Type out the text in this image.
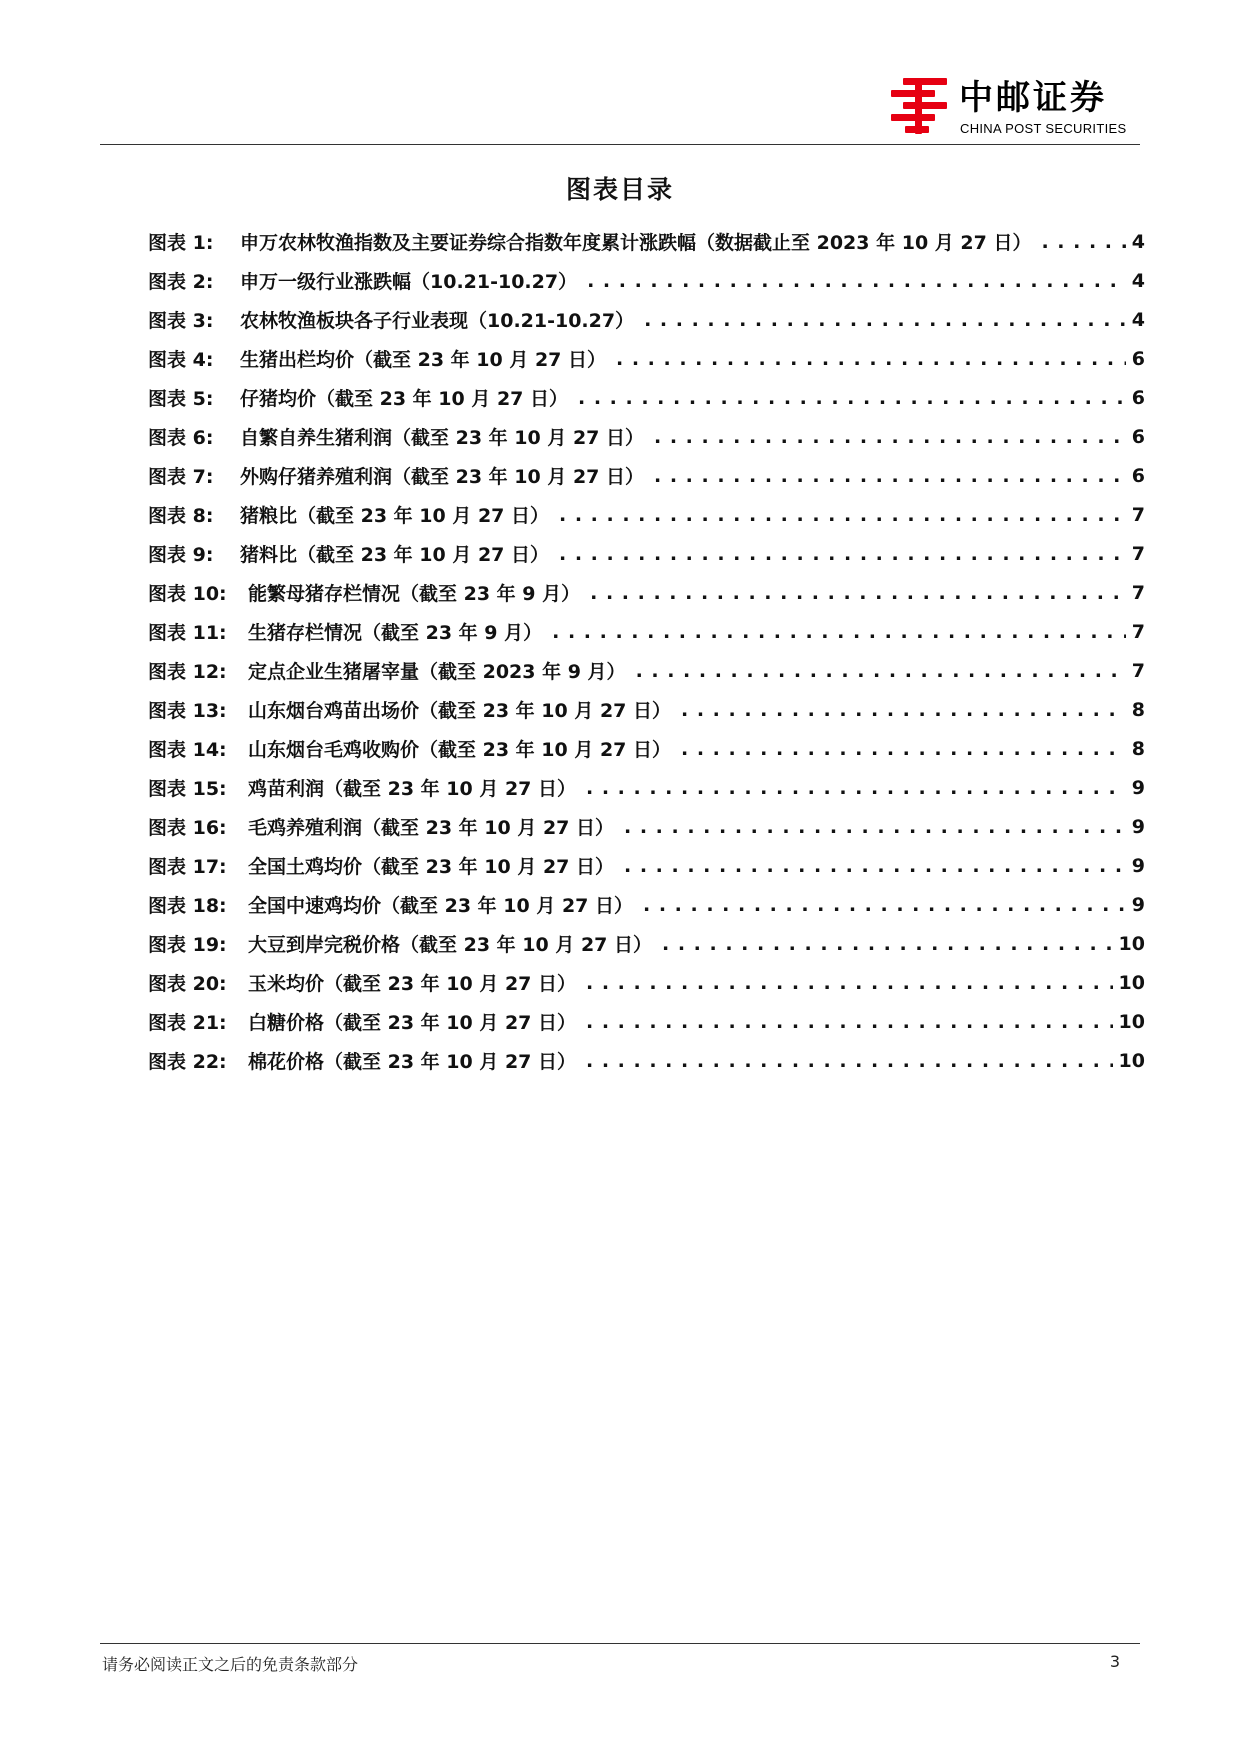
中邮证券
CHINA POST SECURITIES
图表目录
图表 1:	申万农林牧渔指数及主要证券综合指数年度累计涨跌幅（数据截止至 2023 年 10 月 27 日） . . .	4
图表 2:	申万一级行业涨跌幅（10.21-10.27） . . .	4
图表 3:	农林牧渔板块各子行业表现（10.21-10.27） . . .	4
图表 4:	生猪出栏均价（截至 23 年 10 月 27 日） . . .	6
图表 5:	仔猪均价（截至 23 年 10 月 27 日） . . .	6
图表 6:	自繁自养生猪利润（截至 23 年 10 月 27 日） . . .	6
图表 7:	外购仔猪养殖利润（截至 23 年 10 月 27 日） . . .	6
图表 8:	猪粮比（截至 23 年 10 月 27 日） . . .	7
图表 9:	猪料比（截至 23 年 10 月 27 日） . . .	7
图表 10:	能繁母猪存栏情况（截至 23 年 9 月） . . .	7
图表 11:	生猪存栏情况（截至 23 年 9 月） . . .	7
图表 12:	定点企业生猪屠宰量（截至 2023 年 9 月） . . .	7
图表 13:	山东烟台鸡苗出场价（截至 23 年 10 月 27 日） . . .	8
图表 14:	山东烟台毛鸡收购价（截至 23 年 10 月 27 日） . . .	8
图表 15:	鸡苗利润（截至 23 年 10 月 27 日） . . .	9
图表 16:	毛鸡养殖利润（截至 23 年 10 月 27 日） . . .	9
图表 17:	全国土鸡均价（截至 23 年 10 月 27 日） . . .	9
图表 18:	全国中速鸡均价（截至 23 年 10 月 27 日） . . .	9
图表 19:	大豆到岸完税价格（截至 23 年 10 月 27 日） . . .	10
图表 20:	玉米均价（截至 23 年 10 月 27 日） . . .	10
图表 21:	白糖价格（截至 23 年 10 月 27 日） . . .	10
图表 22:	棉花价格（截至 23 年 10 月 27 日） . . .	10
请务必阅读正文之后的免责条款部分	3
